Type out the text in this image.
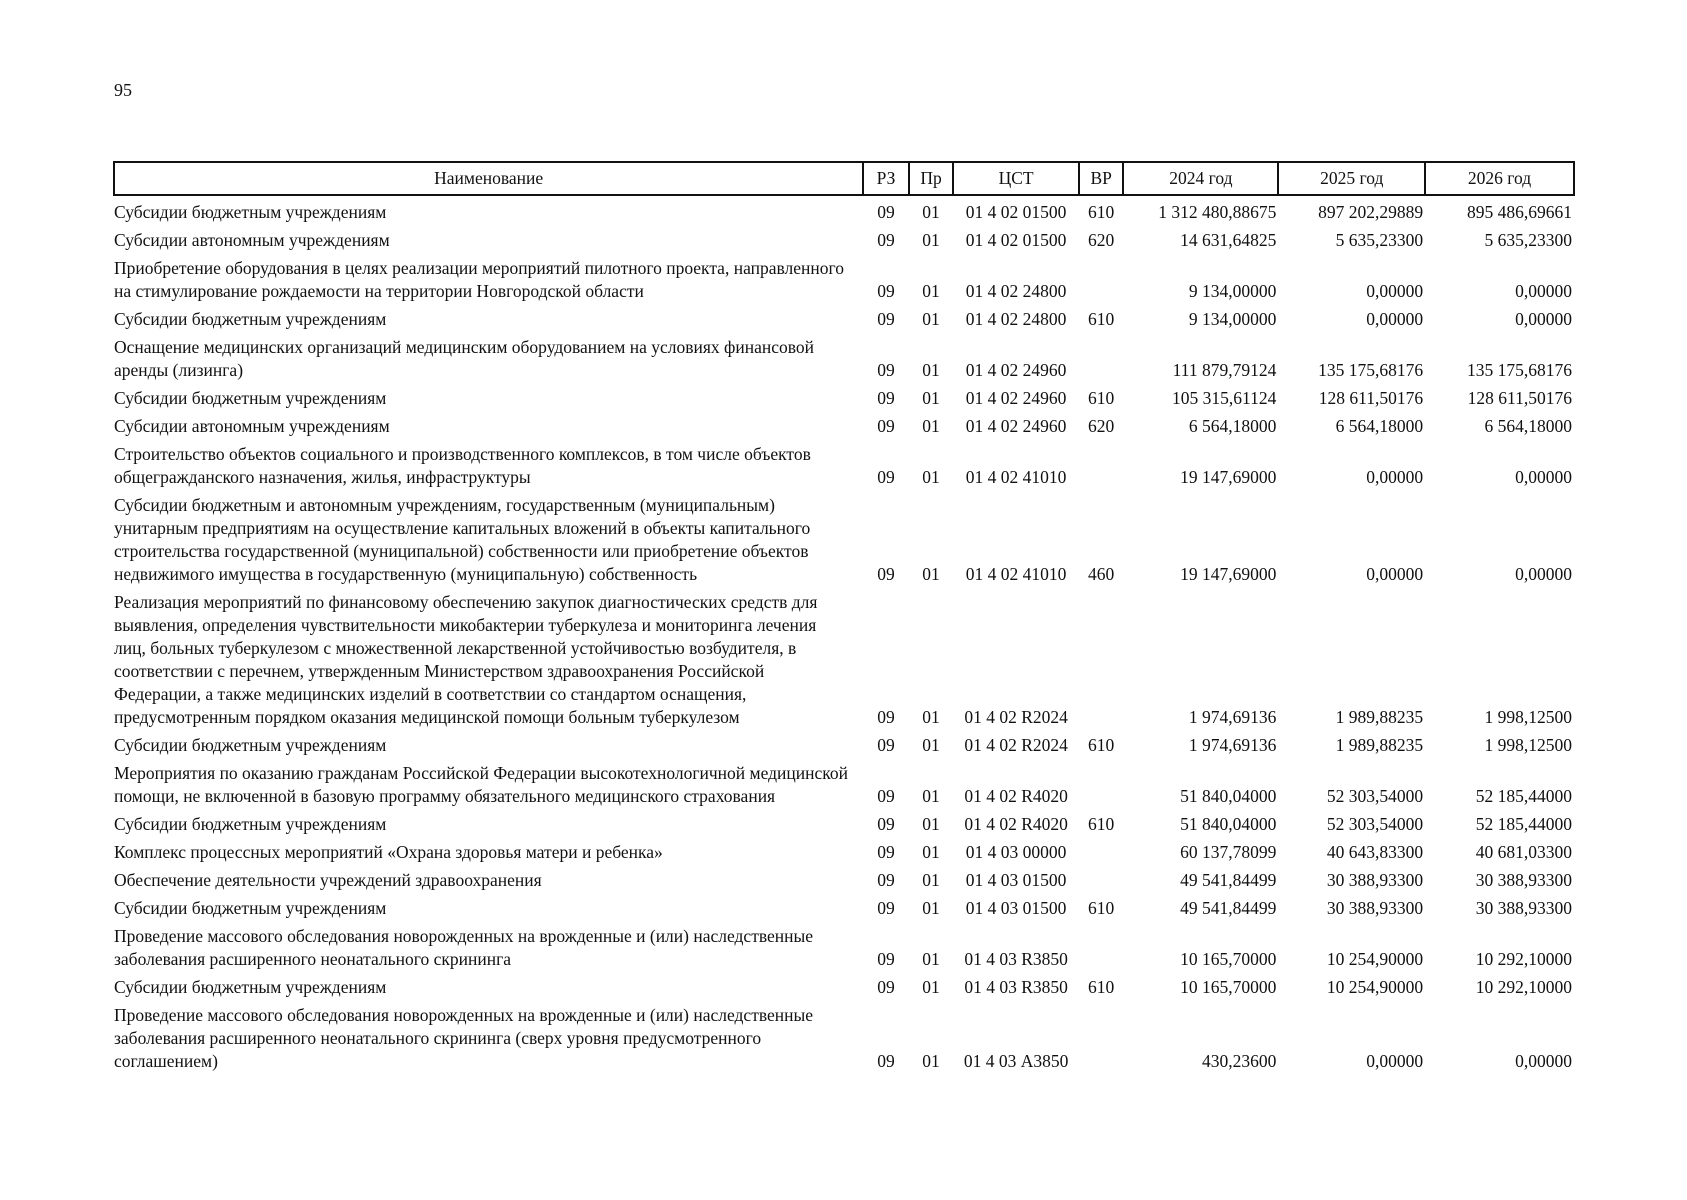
95
Наименование	РЗ	Пр	ЦСТ	ВР	2024 год	2025 год	2026 год
Субсидии бюджетным учреждениям	09	01	01 4 02 01500	610	1 312 480,88675	897 202,29889	895 486,69661
Субсидии автономным учреждениям	09	01	01 4 02 01500	620	14 631,64825	5 635,23300	5 635,23300
Приобретение оборудования в целях реализации мероприятий пилотного проекта, направленного на стимулирование рождаемости на территории Новгородской области	09	01	01 4 02 24800		9 134,00000	0,00000	0,00000
Субсидии бюджетным учреждениям	09	01	01 4 02 24800	610	9 134,00000	0,00000	0,00000
Оснащение медицинских организаций медицинским оборудованием на условиях финансовой аренды (лизинга)	09	01	01 4 02 24960		111 879,79124	135 175,68176	135 175,68176
Субсидии бюджетным учреждениям	09	01	01 4 02 24960	610	105 315,61124	128 611,50176	128 611,50176
Субсидии автономным учреждениям	09	01	01 4 02 24960	620	6 564,18000	6 564,18000	6 564,18000
Строительство объектов социального и производственного комплексов, в том числе объектов общегражданского назначения, жилья, инфраструктуры	09	01	01 4 02 41010		19 147,69000	0,00000	0,00000
Субсидии бюджетным и автономным учреждениям, государственным (муниципальным) унитарным предприятиям на осуществление капитальных вложений в объекты капитального строительства государственной (муниципальной) собственности или приобретение объектов недвижимого имущества в государственную (муниципальную) собственность	09	01	01 4 02 41010	460	19 147,69000	0,00000	0,00000
Реализация мероприятий по финансовому обеспечению закупок диагностических средств для выявления, определения чувствительности микобактерии туберкулеза и мониторинга лечения лиц, больных туберкулезом с множественной лекарственной устойчивостью возбудителя, в соответствии с перечнем, утвержденным Министерством здравоохранения Российской Федерации, а также медицинских изделий в соответствии со стандартом оснащения, предусмотренным порядком оказания медицинской помощи больным туберкулезом	09	01	01 4 02 R2024		1 974,69136	1 989,88235	1 998,12500
Субсидии бюджетным учреждениям	09	01	01 4 02 R2024	610	1 974,69136	1 989,88235	1 998,12500
Мероприятия по оказанию гражданам Российской Федерации высокотехнологичной медицинской помощи, не включенной в базовую программу обязательного медицинского страхования	09	01	01 4 02 R4020		51 840,04000	52 303,54000	52 185,44000
Субсидии бюджетным учреждениям	09	01	01 4 02 R4020	610	51 840,04000	52 303,54000	52 185,44000
Комплекс процессных мероприятий «Охрана здоровья матери и ребенка»	09	01	01 4 03 00000		60 137,78099	40 643,83300	40 681,03300
Обеспечение деятельности учреждений здравоохранения	09	01	01 4 03 01500		49 541,84499	30 388,93300	30 388,93300
Субсидии бюджетным учреждениям	09	01	01 4 03 01500	610	49 541,84499	30 388,93300	30 388,93300
Проведение массового обследования новорожденных на врожденные и (или) наследственные заболевания расширенного неонатального скрининга	09	01	01 4 03 R3850		10 165,70000	10 254,90000	10 292,10000
Субсидии бюджетным учреждениям	09	01	01 4 03 R3850	610	10 165,70000	10 254,90000	10 292,10000
Проведение массового обследования новорожденных на врожденные и (или) наследственные заболевания расширенного неонатального скрининга (сверх уровня предусмотренного соглашением)	09	01	01 4 03 А3850		430,23600	0,00000	0,00000
